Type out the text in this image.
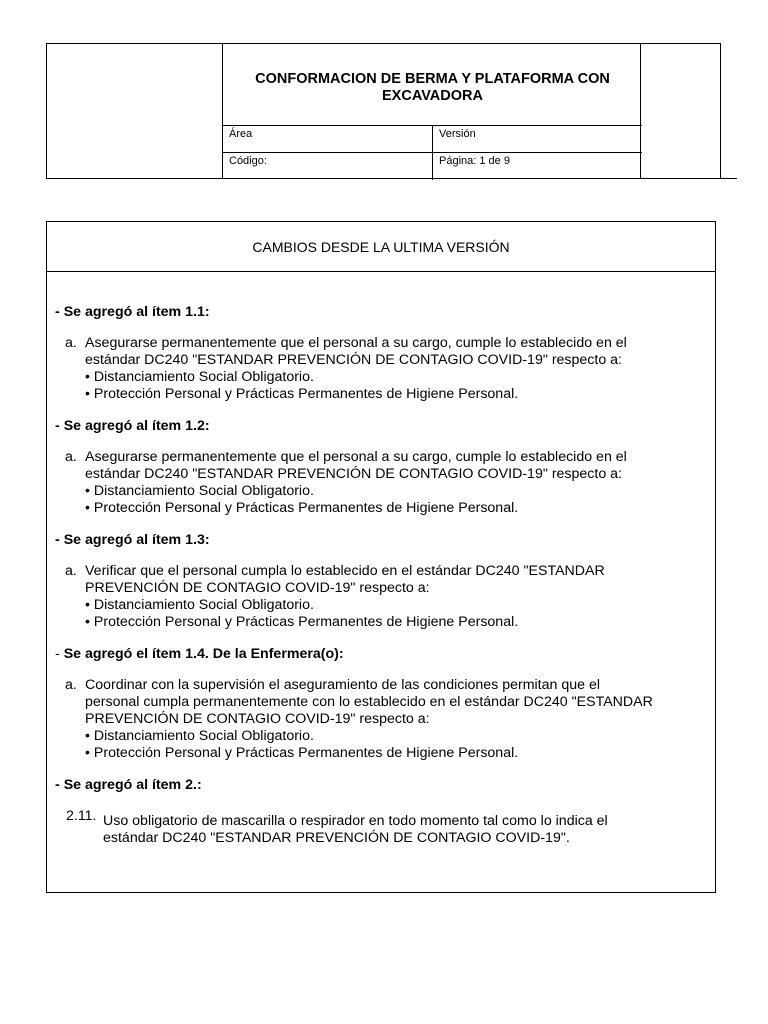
CONFORMACION DE BERMA Y PLATAFORMA CON EXCAVADORA
Área	Versión
Código:	Página: 1 de 9
CAMBIOS DESDE LA ULTIMA VERSIÓN
- Se agregó al ítem 1.1:
a. Asegurarse permanentemente que el personal a su cargo, cumple lo establecido en el
estándar DC240 "ESTANDAR PREVENCIÓN DE CONTAGIO COVID-19" respecto a:
• Distanciamiento Social Obligatorio.
• Protección Personal y Prácticas Permanentes de Higiene Personal.
- Se agregó al ítem 1.2:
a. Asegurarse permanentemente que el personal a su cargo, cumple lo establecido en el
estándar DC240 "ESTANDAR PREVENCIÓN DE CONTAGIO COVID-19" respecto a:
• Distanciamiento Social Obligatorio.
• Protección Personal y Prácticas Permanentes de Higiene Personal.
- Se agregó al ítem 1.3:
a. Verificar que el personal cumpla lo establecido en el estándar DC240 "ESTANDAR
PREVENCIÓN DE CONTAGIO COVID-19" respecto a:
• Distanciamiento Social Obligatorio.
• Protección Personal y Prácticas Permanentes de Higiene Personal.
- Se agregó el ítem 1.4. De la Enfermera(o):
a. Coordinar con la supervisión el aseguramiento de las condiciones permitan que el
personal cumpla permanentemente con lo establecido en el estándar DC240 "ESTANDAR
PREVENCIÓN DE CONTAGIO COVID-19" respecto a:
• Distanciamiento Social Obligatorio.
• Protección Personal y Prácticas Permanentes de Higiene Personal.
- Se agregó al ítem 2.:
2.11. Uso obligatorio de mascarilla o respirador en todo momento tal como lo indica el
estándar DC240 "ESTANDAR PREVENCIÓN DE CONTAGIO COVID-19".
